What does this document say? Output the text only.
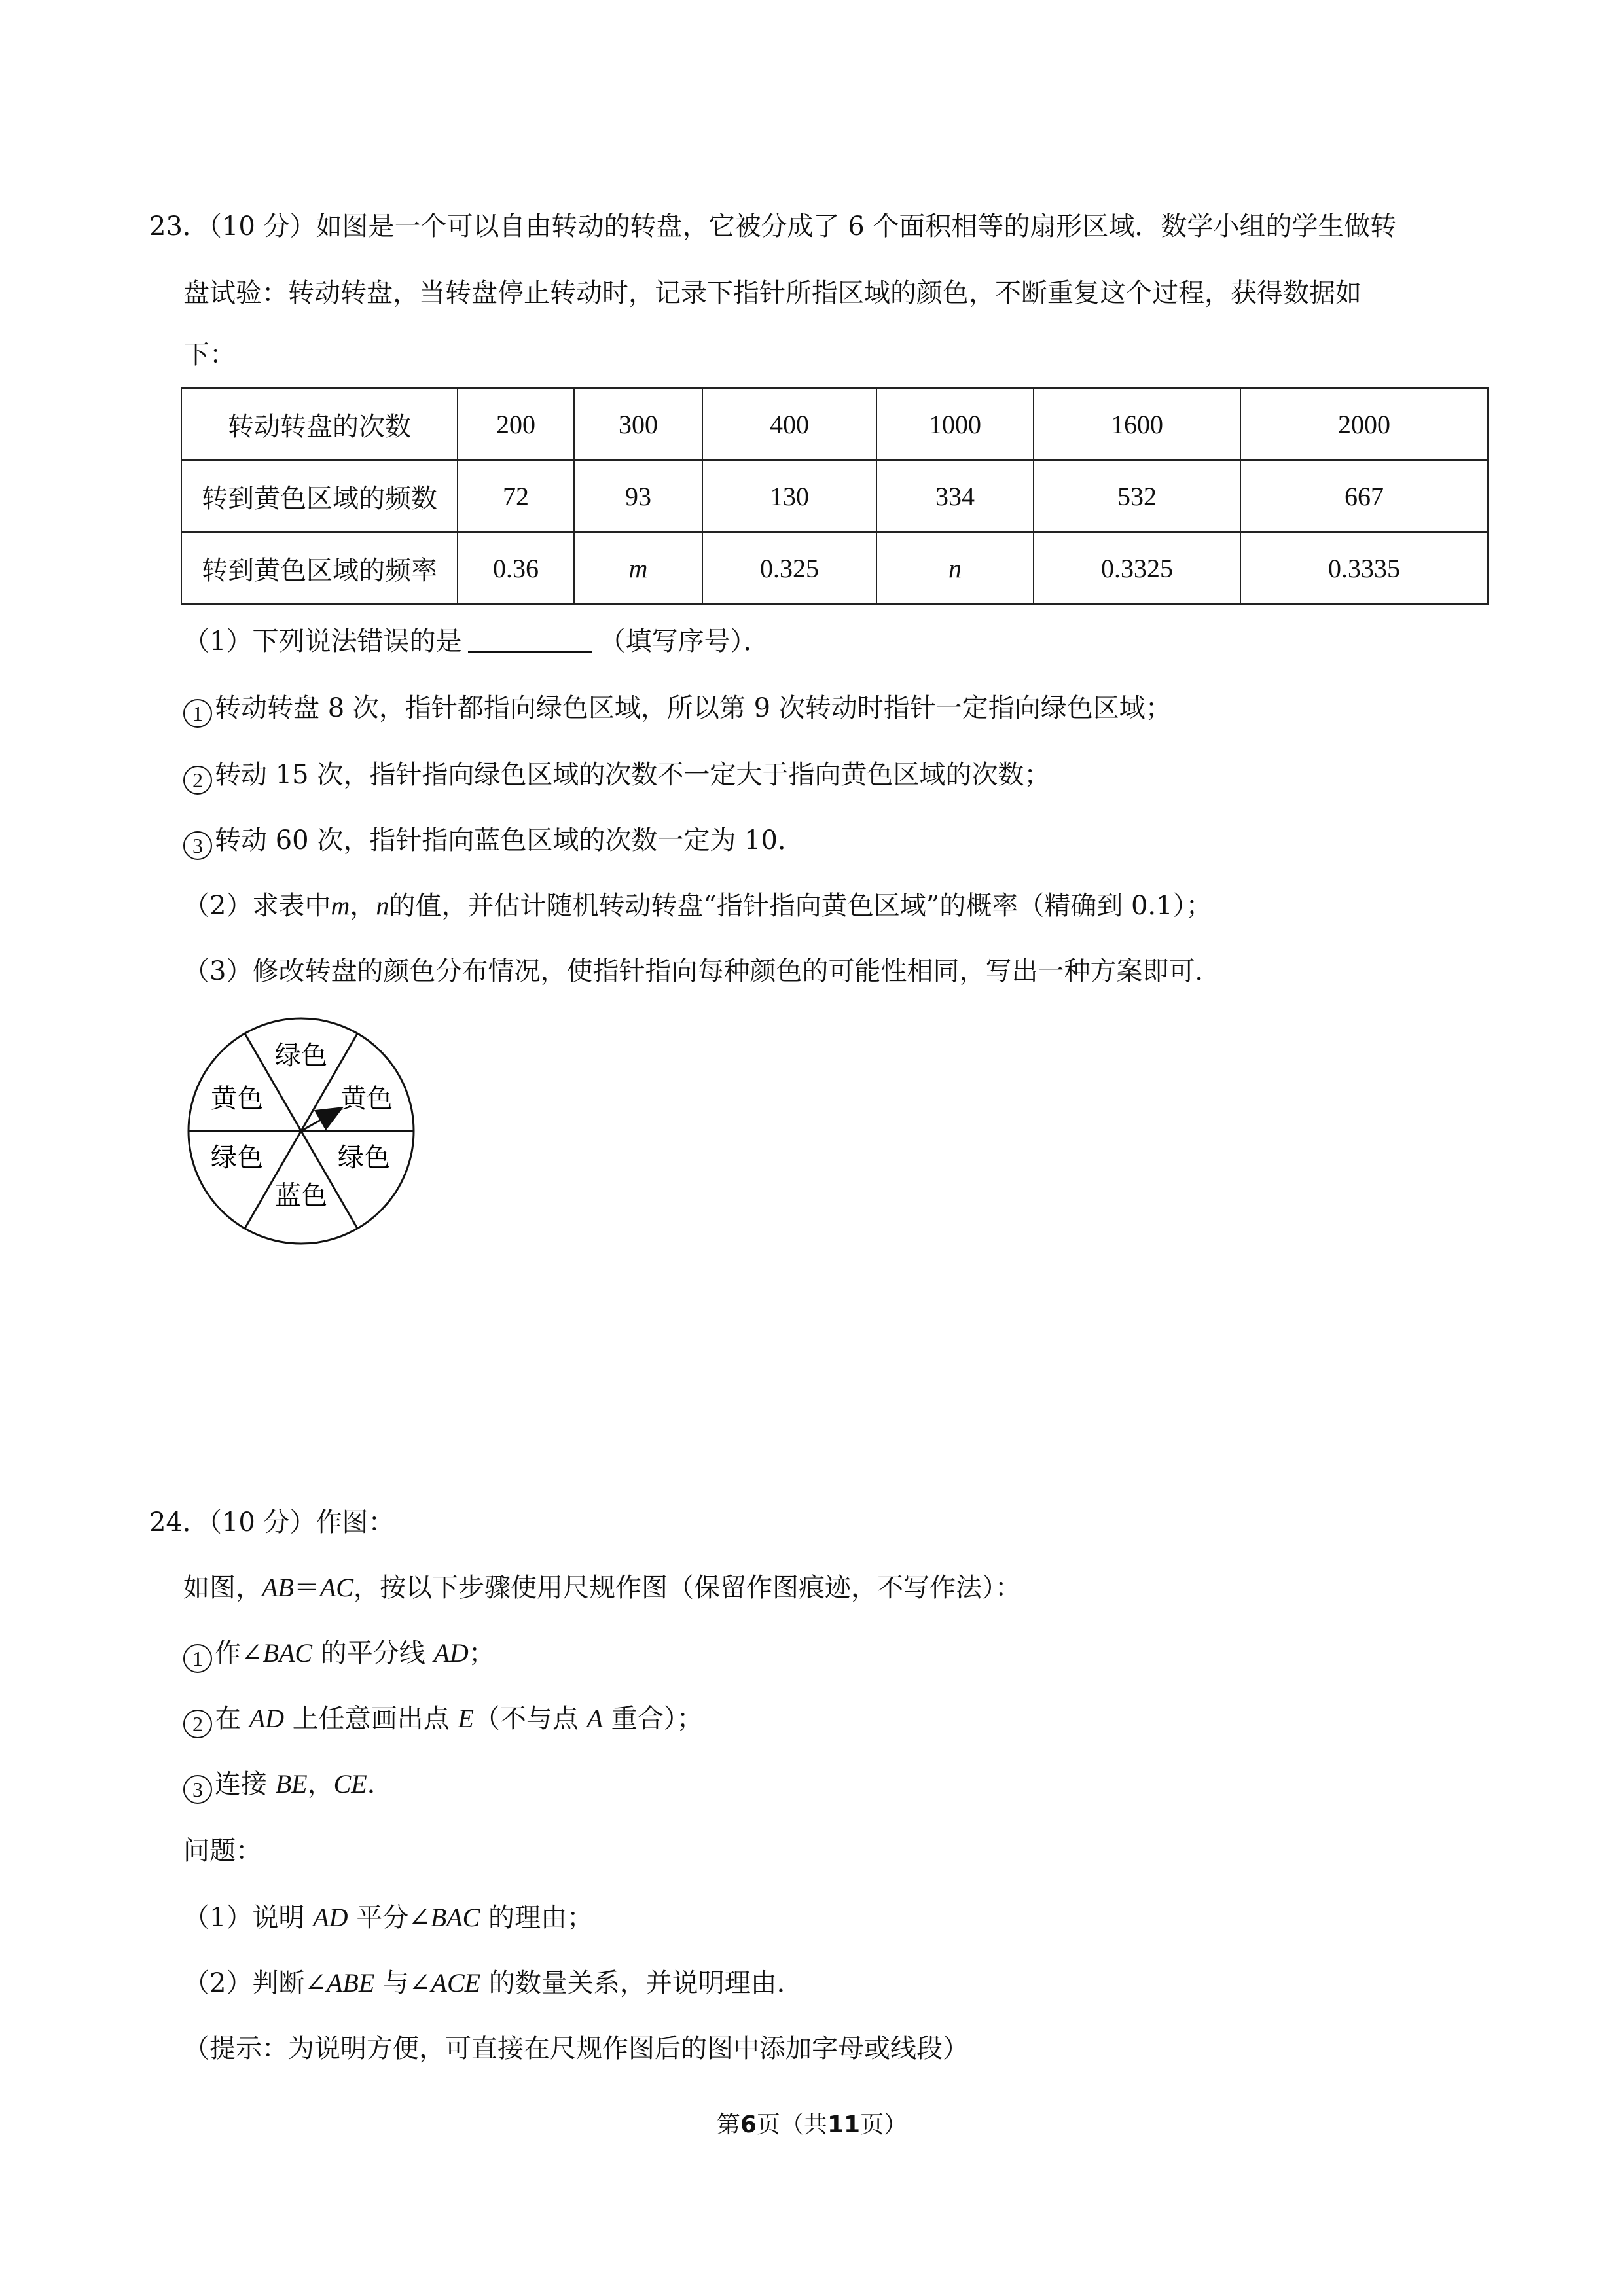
23．（10 分）如图是一个可以自由转动的转盘，它被分成了 6 个面积相等的扇形区域．数学小组的学生做转
盘试验：转动转盘，当转盘停止转动时，记录下指针所指区域的颜色，不断重复这个过程，获得数据如
下：
转动转盘的次数	200	300	400	1000	1600	2000
转到黄色区域的频数	72	93	130	334	532	667
转到黄色区域的频率	0.36	m	0.325	n	0.3325	0.3335
（1）下列说法错误的是	（填写序号）．
1 转动转盘 8 次，指针都指向绿色区域，所以第 9 次转动时指针一定指向绿色区域；
2 转动 15 次，指针指向绿色区域的次数不一定大于指向黄色区域的次数；
3 转动 60 次，指针指向蓝色区域的次数一定为 10．
（2）求表中m，n的值，并估计随机转动转盘“指针指向黄色区域”的概率（精确到 0.1）；
（3）修改转盘的颜色分布情况，使指针指向每种颜色的可能性相同，写出一种方案即可．
绿色
黄色	黄色
绿色	绿色
蓝色
24．（10 分）作图：
如图，AB＝AC，按以下步骤使用尺规作图（保留作图痕迹，不写作法）：
1 作∠BAC 的平分线 AD；
2 在 AD 上任意画出点 E（不与点 A 重合）；
3 连接 BE，CE．
问题：
（1）说明 AD 平分∠BAC 的理由；
（2）判断∠ABE 与∠ACE 的数量关系，并说明理由．
（提示：为说明方便，可直接在尺规作图后的图中添加字母或线段）
第6页（共11页）
